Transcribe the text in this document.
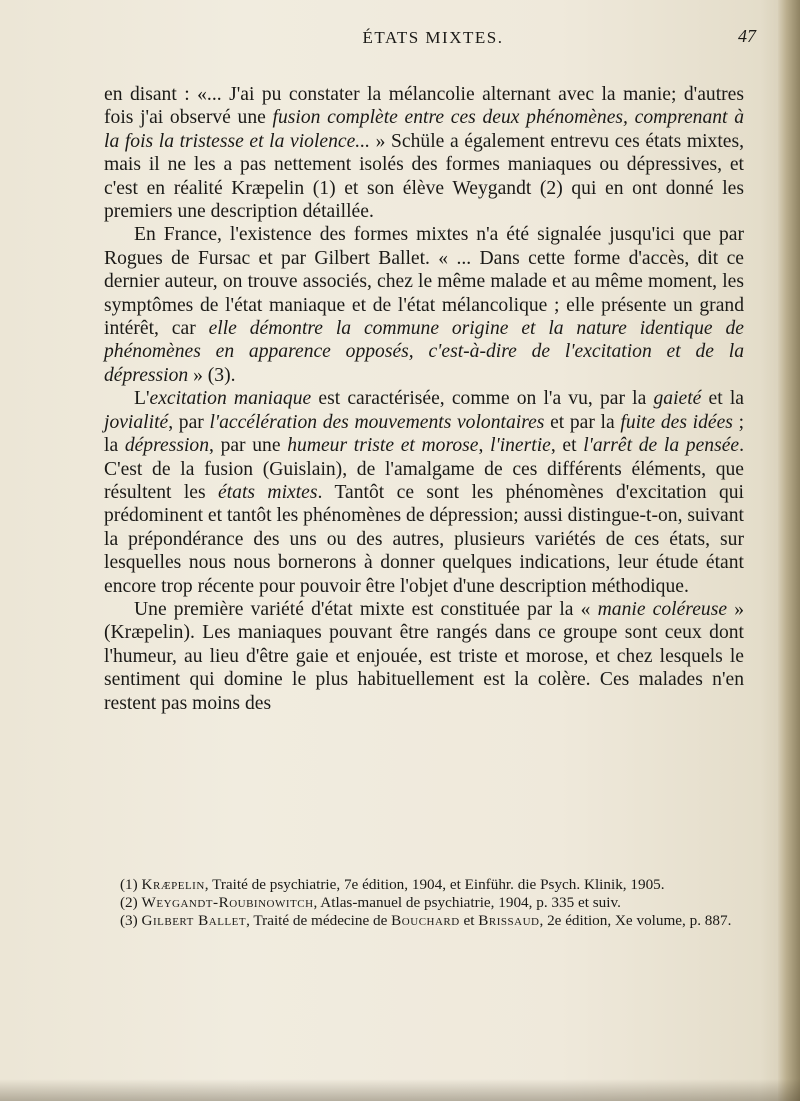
ÉTATS MIXTES.	47

en disant : «... J'ai pu constater la mélancolie alternant avec la manie; d'autres fois j'ai observé une fusion complète entre ces deux phénomènes, comprenant à la fois la tristesse et la violence... » Schüle a également entrevu ces états mixtes, mais il ne les a pas nettement isolés des formes maniaques ou dépressives, et c'est en réalité Kræpelin (1) et son élève Weygandt (2) qui en ont donné les premiers une description détaillée.

En France, l'existence des formes mixtes n'a été signalée jusqu'ici que par Rogues de Fursac et par Gilbert Ballet. « ... Dans cette forme d'accès, dit ce dernier auteur, on trouve associés, chez le même malade et au même moment, les symptômes de l'état maniaque et de l'état mélancolique ; elle présente un grand intérêt, car elle démontre la commune origine et la nature identique de phénomènes en apparence opposés, c'est-à-dire de l'excitation et de la dépression » (3).

L'excitation maniaque est caractérisée, comme on l'a vu, par la gaieté et la jovialité, par l'accélération des mouvements volontaires et par la fuite des idées ; la dépression, par une humeur triste et morose, l'inertie, et l'arrêt de la pensée. C'est de la fusion (Guislain), de l'amalgame de ces différents éléments, que résultent les états mixtes. Tantôt ce sont les phénomènes d'excitation qui prédominent et tantôt les phénomènes de dépression; aussi distingue-t-on, suivant la prépondérance des uns ou des autres, plusieurs variétés de ces états, sur lesquelles nous nous bornerons à donner quelques indications, leur étude étant encore trop récente pour pouvoir être l'objet d'une description méthodique.

Une première variété d'état mixte est constituée par la « manie coléreuse » (Kræpelin). Les maniaques pouvant être rangés dans ce groupe sont ceux dont l'humeur, au lieu d'être gaie et enjouée, est triste et morose, et chez lesquels le sentiment qui domine le plus habituellement est la colère. Ces malades n'en restent pas moins des

(1) Kræpelin, Traité de psychiatrie, 7e édition, 1904, et Einführ. die Psych. Klinik, 1905.

(2) Weygandt-Roubinowitch, Atlas-manuel de psychiatrie, 1904, p. 335 et suiv.

(3) Gilbert Ballet, Traité de médecine de Bouchard et Brissaud, 2e édition, Xe volume, p. 887.
